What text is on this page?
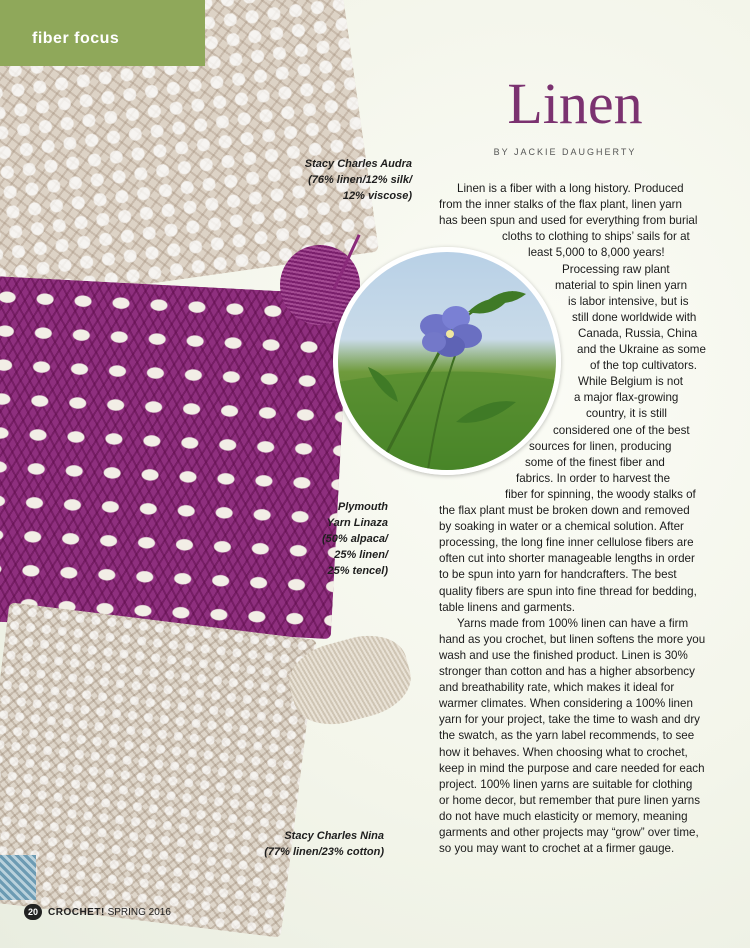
fiber focus
Linen
BY JACKIE DAUGHERTY
Stacy Charles Audra
(76% linen/12% silk/
12% viscose)
Plymouth
Yarn Linaza
(50% alpaca/
25% linen/
25% tencel)
Stacy Charles Nina
(77% linen/23% cotton)
Linen is a fiber with a long history. Produced
from the inner stalks of the flax plant, linen yarn
has been spun and used for everything from burial
cloths to clothing to ships’ sails for at
least 5,000 to 8,000 years!
Processing raw plant
material to spin linen yarn
is labor intensive, but is
still done worldwide with
Canada, Russia, China
and the Ukraine as some
of the top cultivators.
While Belgium is not
a major flax-growing
country, it is still
considered one of the best
sources for linen, producing
some of the finest fiber and
fabrics. In order to harvest the
fiber for spinning, the woody stalks of
the flax plant must be broken down and removed
by soaking in water or a chemical solution. After
processing, the long fine inner cellulose fibers are
often cut into shorter manageable lengths in order
to be spun into yarn for handcrafters. The best
quality fibers are spun into fine thread for bedding,
table linens and garments.
Yarns made from 100% linen can have a firm
hand as you crochet, but linen softens the more you
wash and use the finished product. Linen is 30%
stronger than cotton and has a higher absorbency
and breathability rate, which makes it ideal for
warmer climates. When considering a 100% linen
yarn for your project, take the time to wash and dry
the swatch, as the yarn label recommends, to see
how it behaves. When choosing what to crochet,
keep in mind the purpose and care needed for each
project. 100% linen yarns are suitable for clothing
or home decor, but remember that pure linen yarns
do not have much elasticity or memory, meaning
garments and other projects may “grow” over time,
so you may want to crochet at a firmer gauge.
20 CROCHET! SPRING 2016
